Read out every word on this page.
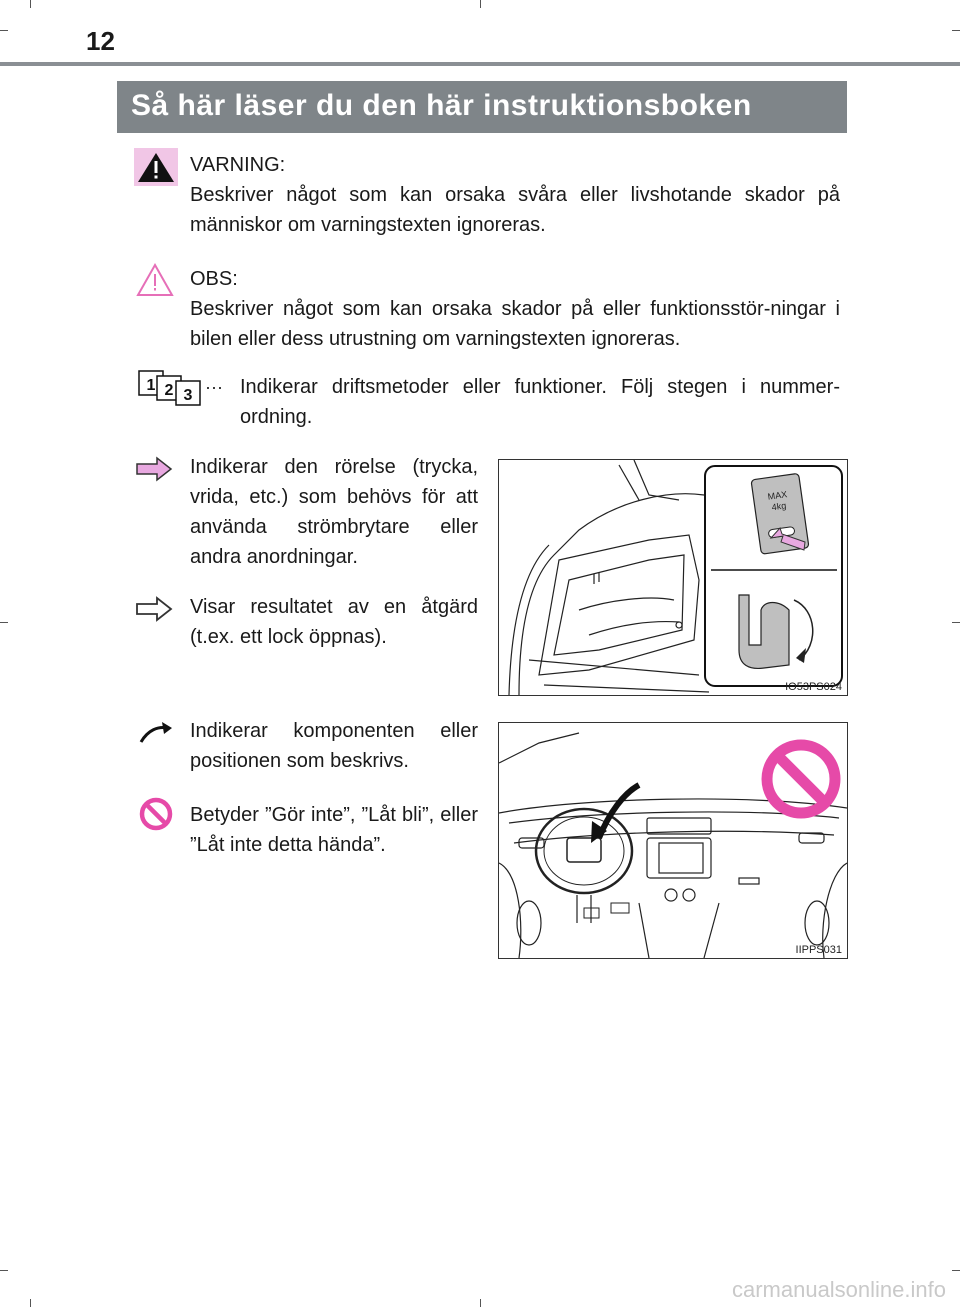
12
Så här läser du den här instruktionsboken
VARNING:
Beskriver något som kan orsaka svåra eller livshotande skador på människor om varningstexten ignoreras.
OBS:
Beskriver något som kan orsaka skador på eller funktionsstör-ningar i bilen eller dess utrustning om varningstexten ignoreras.
1 2 3 ··· Indikerar driftsmetoder eller funktioner. Följ stegen i nummer-ordning.
Indikerar den rörelse (trycka, vrida, etc.) som behövs för att använda strömbrytare eller andra anordningar.
Visar resultatet av en åtgärd (t.ex. ett lock öppnas).
Indikerar komponenten eller positionen som beskrivs.
Betyder ”Gör inte”, ”Låt bli”, eller ”Låt inte detta hända”.
MAX
4kg
IO53PS024
IIPPS031
carmanualsonline.info
